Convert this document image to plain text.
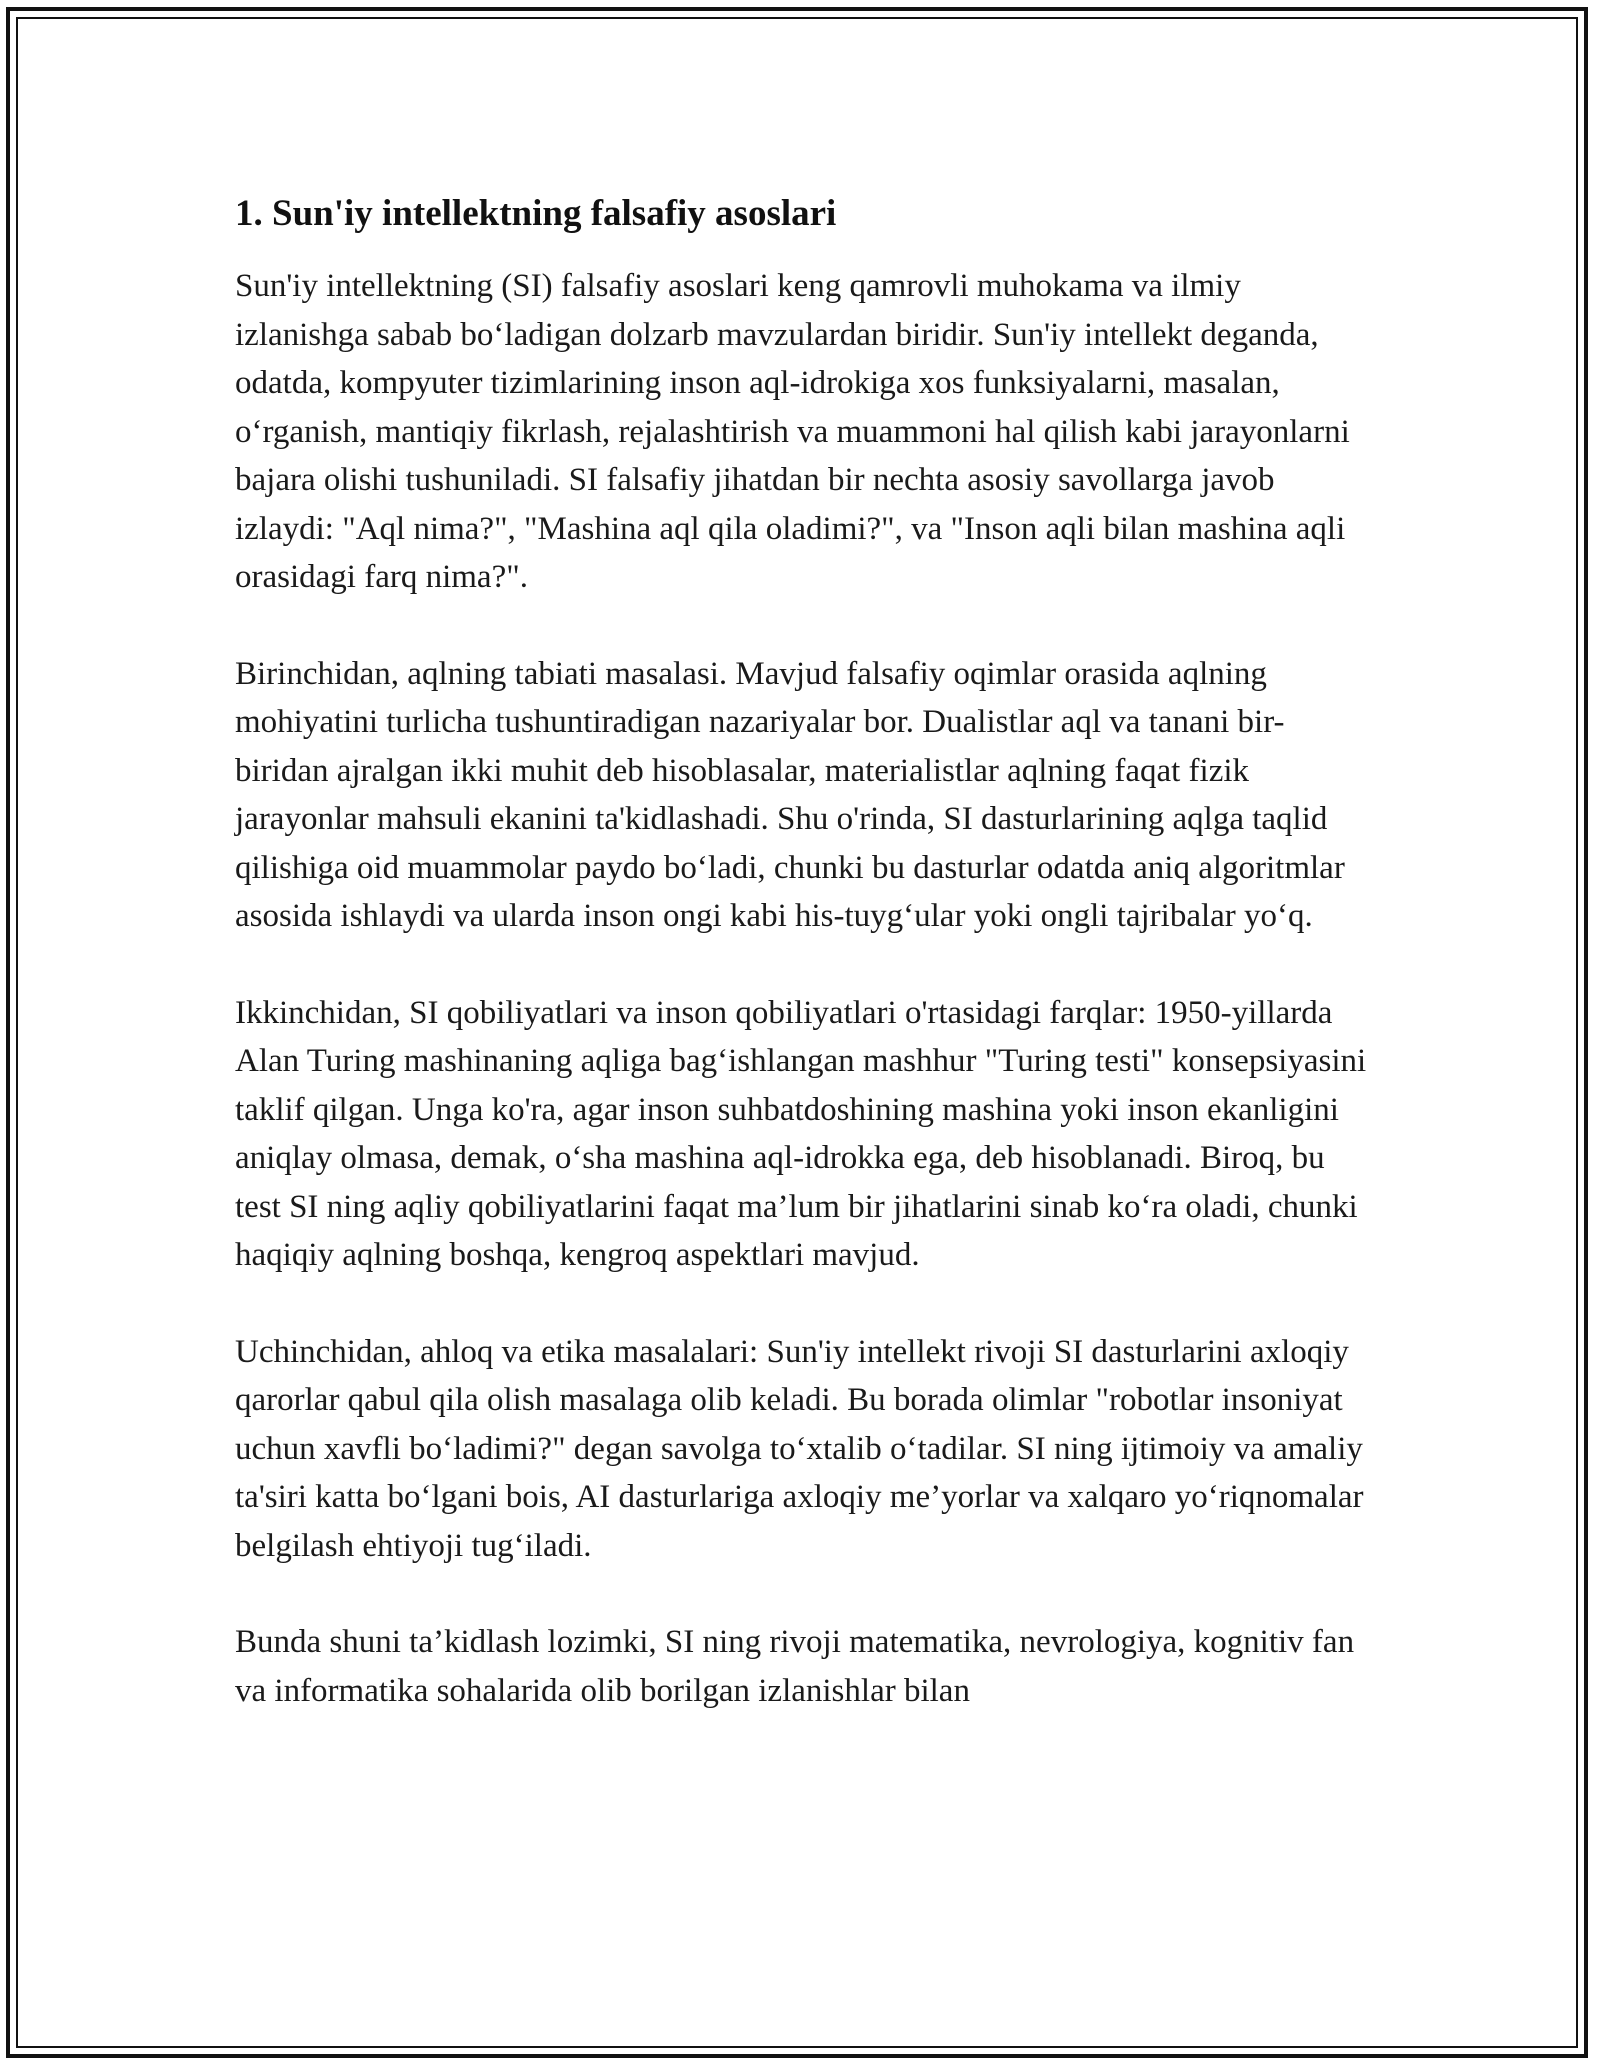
1. Sun'iy intellektning falsafiy asoslari

Sun'iy intellektning (SI) falsafiy asoslari keng qamrovli muhokama va ilmiy izlanishga sabab bo‘ladigan dolzarb mavzulardan biridir. Sun'iy intellekt deganda, odatda, kompyuter tizimlarining inson aql-idrokiga xos funksiyalarni, masalan, o‘rganish, mantiqiy fikrlash, rejalashtirish va muammoni hal qilish kabi jarayonlarni bajara olishi tushuniladi. SI falsafiy jihatdan bir nechta asosiy savollarga javob izlaydi: "Aql nima?", "Mashina aql qila oladimi?", va "Inson aqli bilan mashina aqli orasidagi farq nima?".

Birinchidan, aqlning tabiati masalasi. Mavjud falsafiy oqimlar orasida aqlning mohiyatini turlicha tushuntiradigan nazariyalar bor. Dualistlar aql va tanani bir-biridan ajralgan ikki muhit deb hisoblasalar, materialistlar aqlning faqat fizik jarayonlar mahsuli ekanini ta'kidlashadi. Shu o'rinda, SI dasturlarining aqlga taqlid qilishiga oid muammolar paydo bo‘ladi, chunki bu dasturlar odatda aniq algoritmlar asosida ishlaydi va ularda inson ongi kabi his-tuyg‘ular yoki ongli tajribalar yo‘q.

Ikkinchidan, SI qobiliyatlari va inson qobiliyatlari o'rtasidagi farqlar: 1950-yillarda Alan Turing mashinaning aqliga bag‘ishlangan mashhur "Turing testi" konsepsiyasini taklif qilgan. Unga ko'ra, agar inson suhbatdoshining mashina yoki inson ekanligini aniqlay olmasa, demak, o‘sha mashina aql-idrokka ega, deb hisoblanadi. Biroq, bu test SI ning aqliy qobiliyatlarini faqat ma’lum bir jihatlarini sinab ko‘ra oladi, chunki haqiqiy aqlning boshqa, kengroq aspektlari mavjud.

Uchinchidan, ahloq va etika masalalari: Sun'iy intellekt rivoji SI dasturlarini axloqiy qarorlar qabul qila olish masalaga olib keladi. Bu borada olimlar "robotlar insoniyat uchun xavfli bo‘ladimi?" degan savolga to‘xtalib o‘tadilar. SI ning ijtimoiy va amaliy ta'siri katta bo‘lgani bois, AI dasturlariga axloqiy me’yorlar va xalqaro yo‘riqnomalar belgilash ehtiyoji tug‘iladi.

Bunda shuni ta’kidlash lozimki, SI ning rivoji matematika, nevrologiya, kognitiv fan va informatika sohalarida olib borilgan izlanishlar bilan
